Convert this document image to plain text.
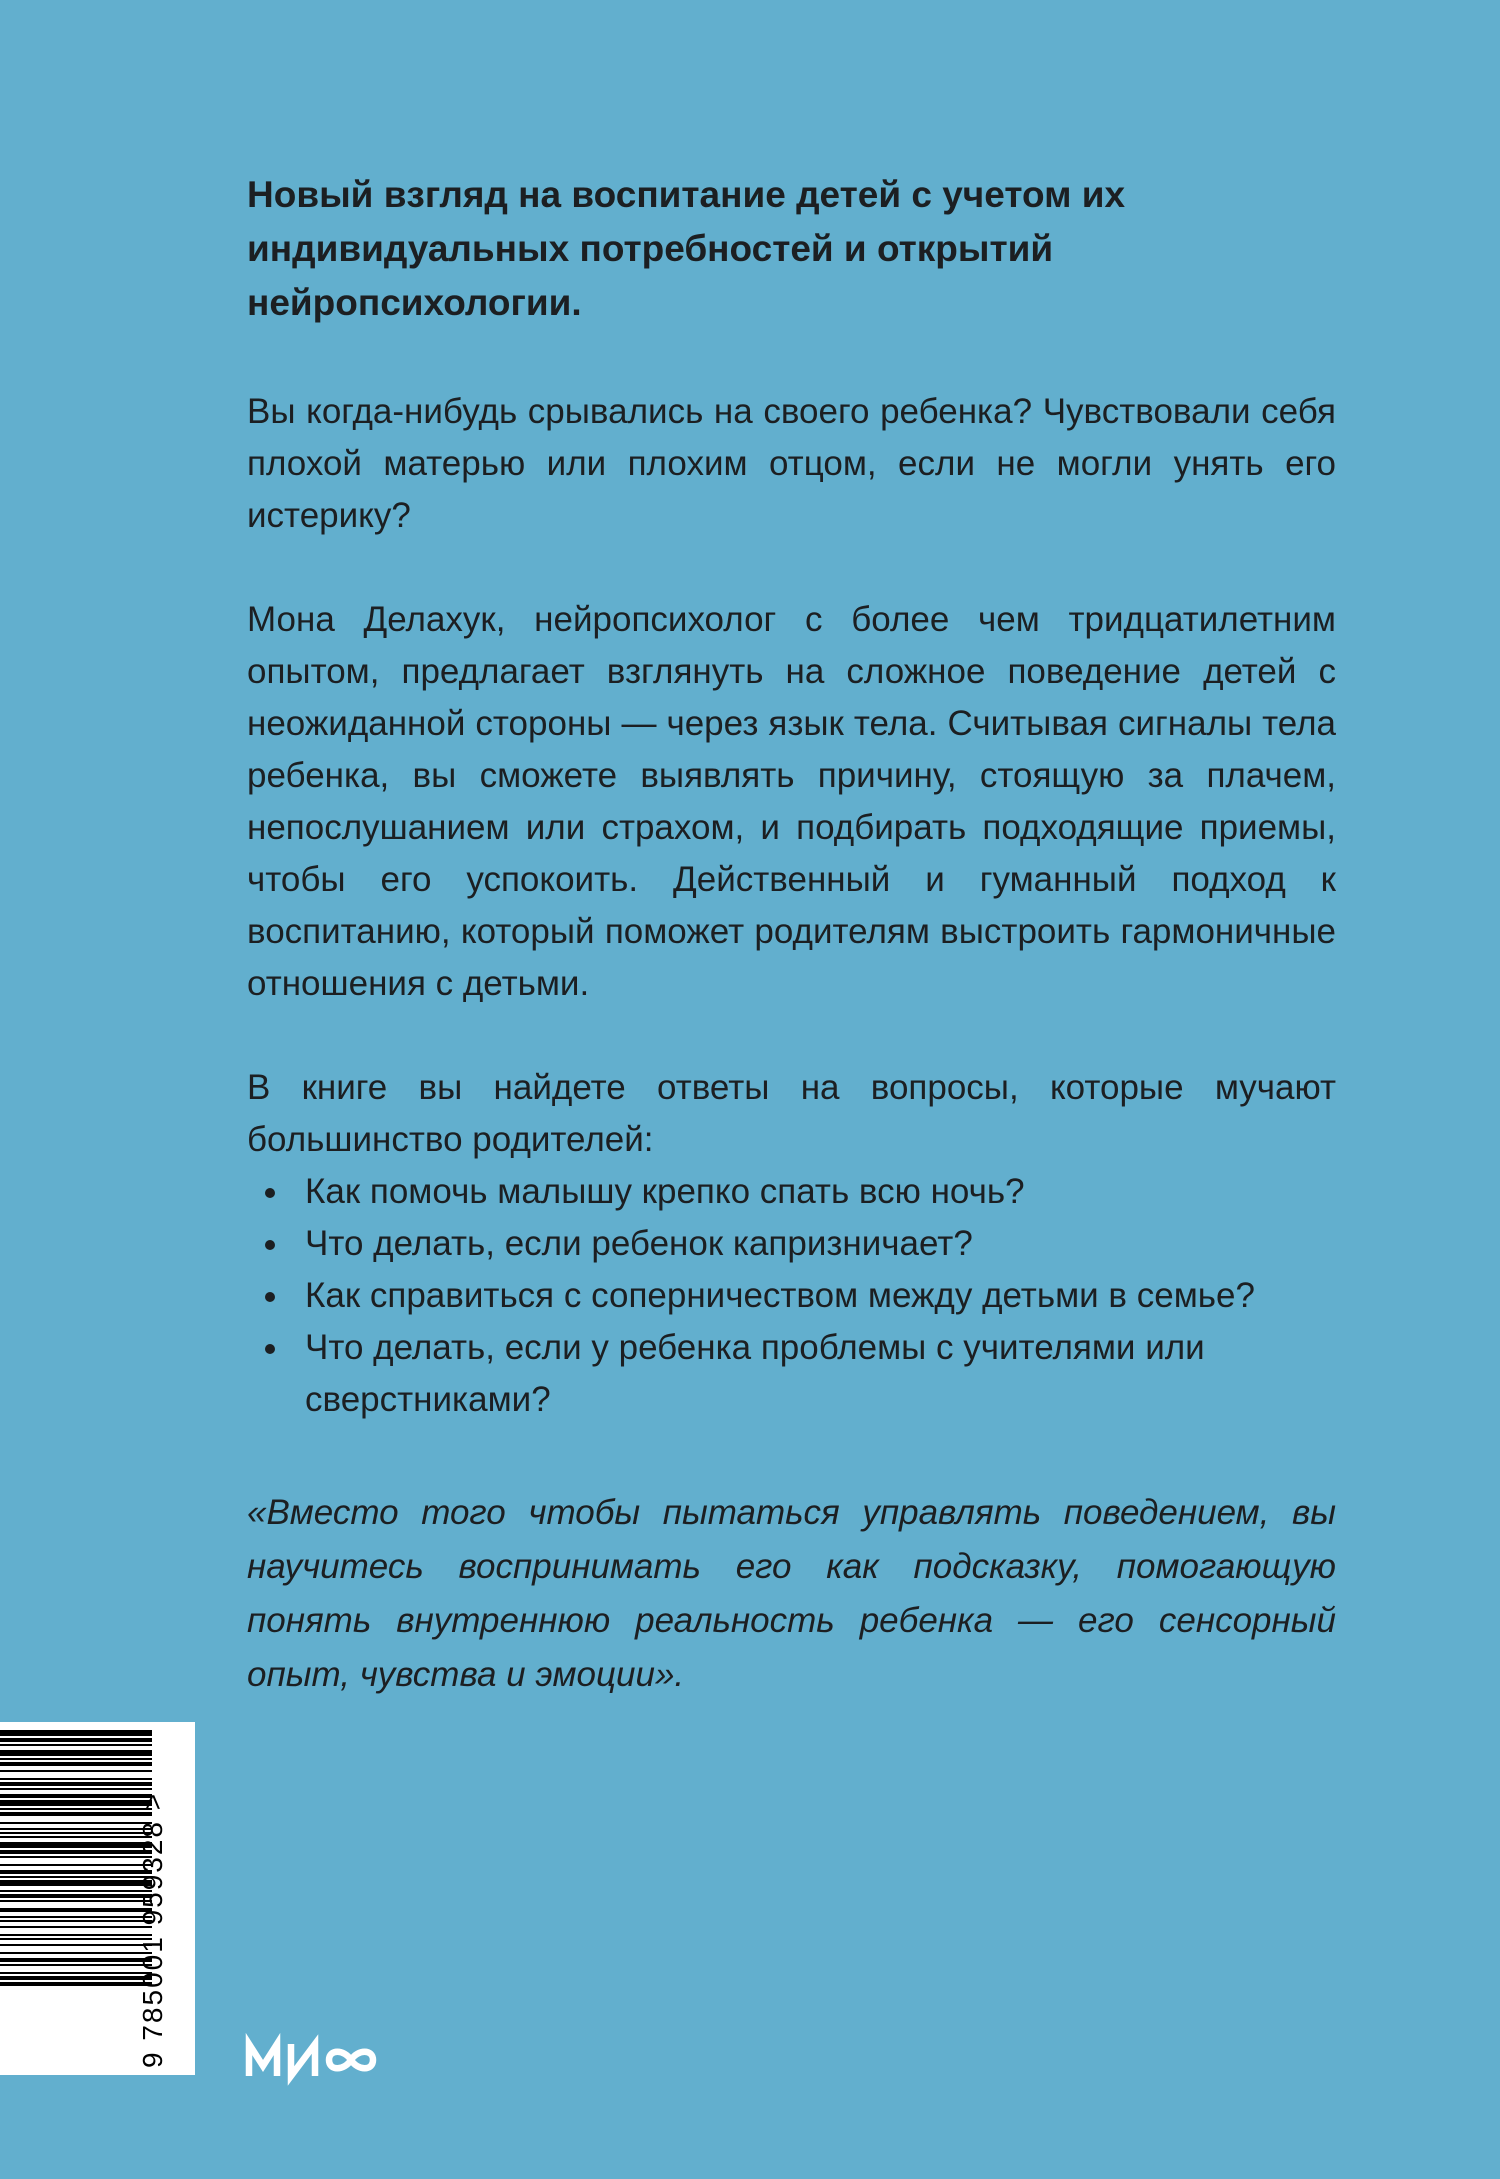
Новый взгляд на воспитание детей с учетом их индивидуальных потребностей и открытий нейропсихологии.

Вы когда-нибудь срывались на своего ребенка? Чувствовали себя плохой матерью или плохим отцом, если не могли унять его истерику?

Мона Делахук, нейропсихолог с более чем тридцатилетним опытом, предлагает взглянуть на сложное поведение детей с неожиданной стороны — через язык тела. Считывая сигналы тела ребенка, вы сможете выявлять причину, стоящую за плачем, непослушанием или страхом, и подбирать подходящие приемы, чтобы его успокоить. Действенный и гуманный подход к воспитанию, который поможет родителям выстроить гармоничные отношения с детьми.

В книге вы найдете ответы на вопросы, которые мучают большинство родителей:

Как помочь малышу крепко спать всю ночь?
Что делать, если ребенок капризничает?
Как справиться с соперничеством между детьми в семье?
Что делать, если у ребенка проблемы с учителями или сверстниками?

«Вместо того чтобы пытаться управлять поведением, вы научитесь воспринимать его как подсказку, помогающую понять внутреннюю реальность ребенка — его сенсорный опыт, чувства и эмоции».

9 785001 959328 >
